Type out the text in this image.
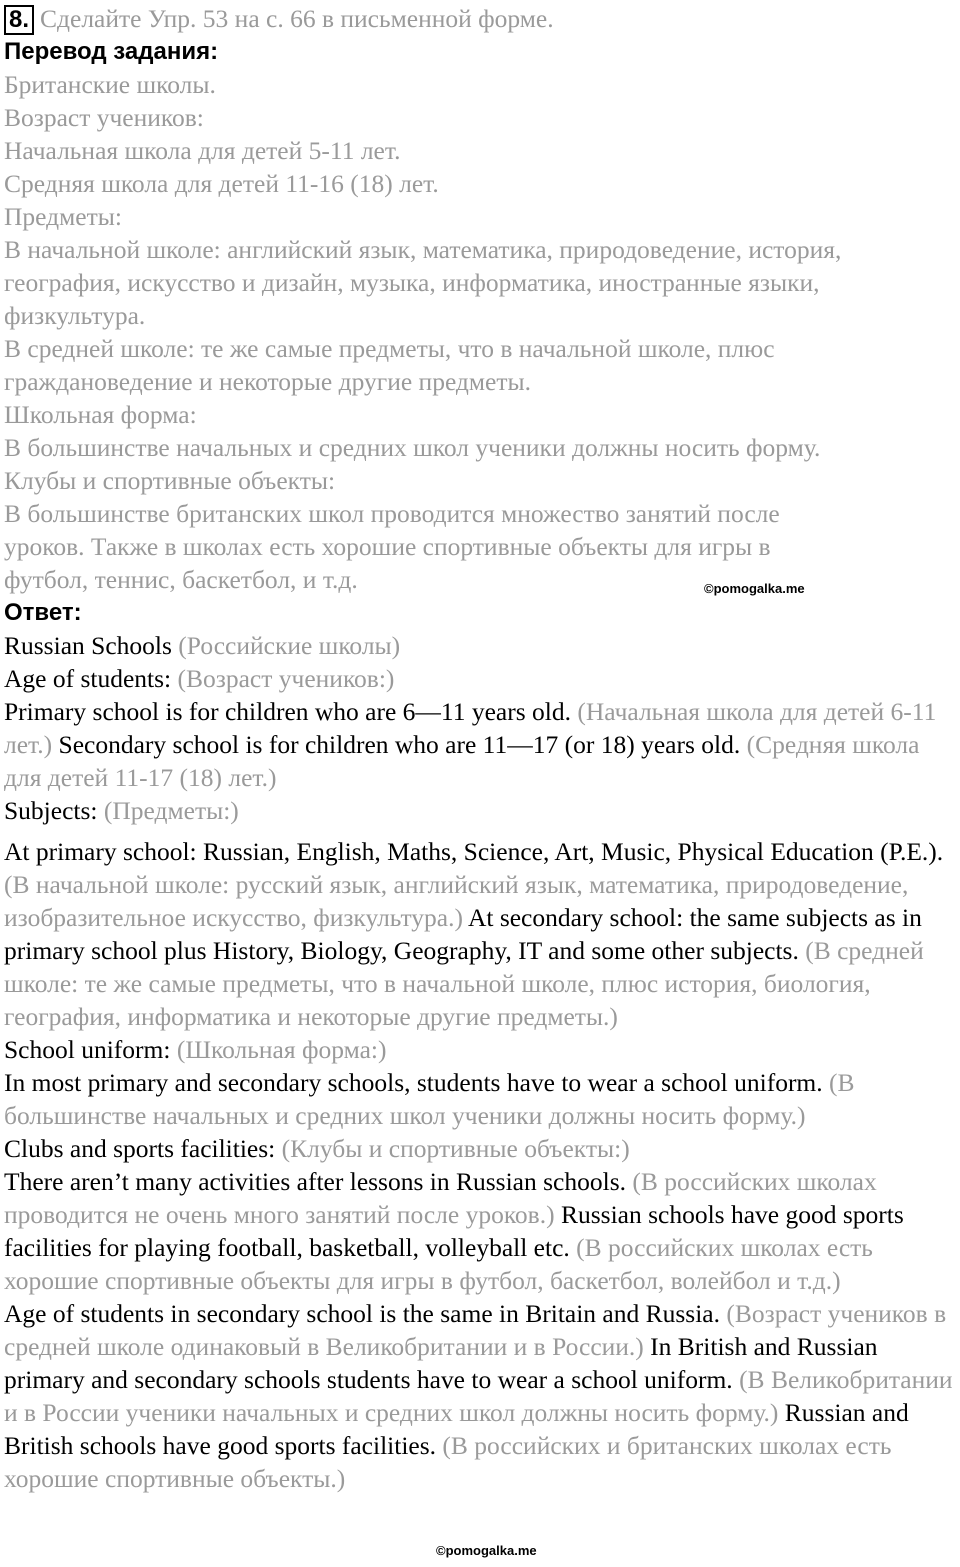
8. Сделайте Упр. 53 на с. 66 в письменной форме.
Перевод задания:
Британские школы.
Возраст учеников:
Начальная школа для детей 5-11 лет.
Средняя школа для детей 11-16 (18) лет.
Предметы:
В начальной школе: английский язык, математика, природоведение, история,
география, искусство и дизайн, музыка, информатика, иностранные языки,
физкультура.
В средней школе: те же самые предметы, что в начальной школе, плюс
граждановедение и некоторые другие предметы.
Школьная форма:
В большинстве начальных и средних школ ученики должны носить форму.
Клубы и спортивные объекты:
В большинстве британских школ проводится множество занятий после
уроков. Также в школах есть хорошие спортивные объекты для игры в
футбол, теннис, баскетбол, и т.д.
Ответ:
Russian Schools (Российские школы)
Age of students: (Возраст учеников:)
Primary school is for children who are 6—11 years old. (Начальная школа для детей 6-11 лет.) Secondary school is for children who are 11—17 (or 18) years old. (Средняя школа для детей 11-17 (18) лет.)
Subjects: (Предметы:)
At primary school: Russian, English, Maths, Science, Art, Music, Physical Education (P.E.). (В начальной школе: русский язык, английский язык, математика, природоведение, изобразительное искусство, физкультура.) At secondary school: the same subjects as in primary school plus History, Biology, Geography, IT and some other subjects. (В средней школе: те же самые предметы, что в начальной школе, плюс история, биология, география, информатика и некоторые другие предметы.)
School uniform: (Школьная форма:)
In most primary and secondary schools, students have to wear a school uniform. (В большинстве начальных и средних школ ученики должны носить форму.)
Clubs and sports facilities: (Клубы и спортивные объекты:)
There aren’t many activities after lessons in Russian schools. (В российских школах проводится не очень много занятий после уроков.) Russian schools have good sports facilities for playing football, basketball, volleyball etc. (В российских школах есть хорошие спортивные объекты для игры в футбол, баскетбол, волейбол и т.д.)
Age of students in secondary school is the same in Britain and Russia. (Возраст учеников в средней школе одинаковый в Великобритании и в России.) In British and Russian primary and secondary schools students have to wear a school uniform. (В Великобритании и в России ученики начальных и средних школ должны носить форму.) Russian and British schools have good sports facilities. (В российских и британских школах есть хорошие спортивные объекты.)
©pomogalka.me
©pomogalka.me
